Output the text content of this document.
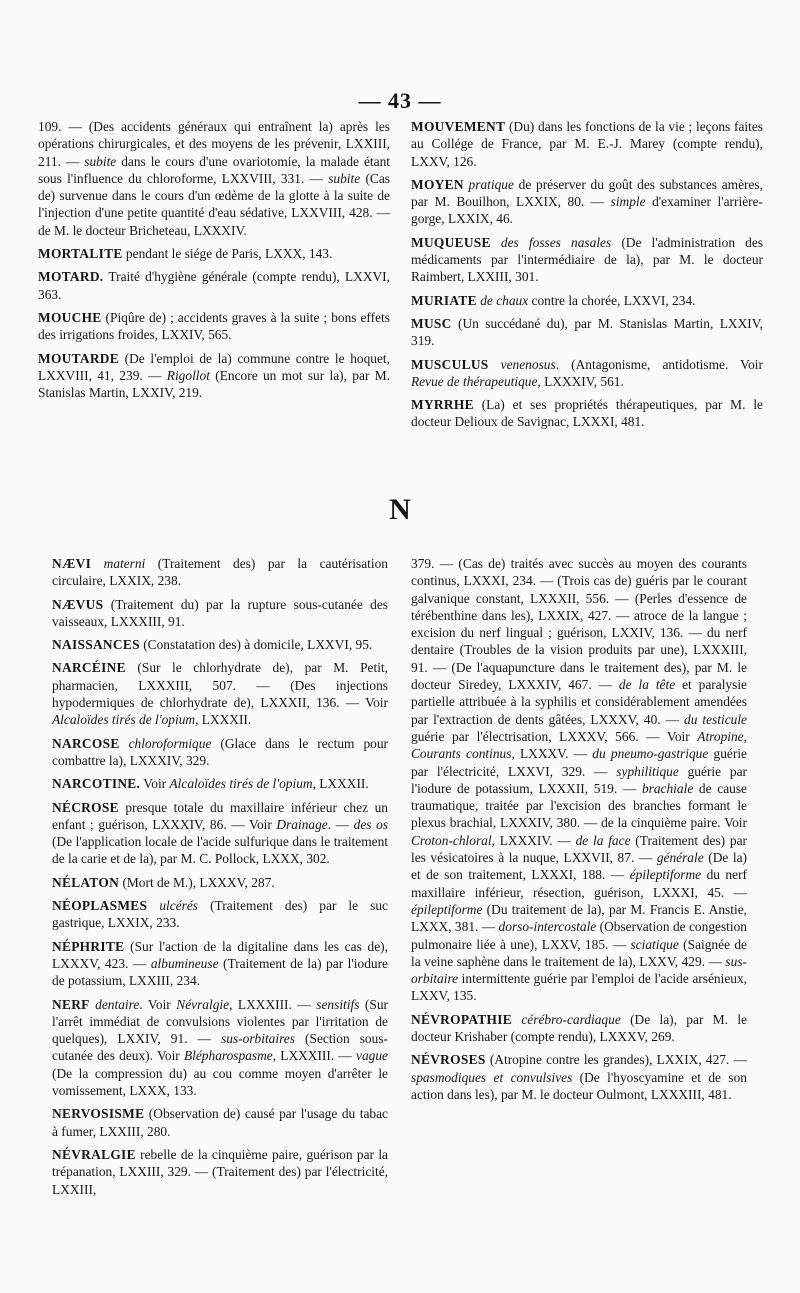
— 43 —
109. — (Des accidents généraux qui entraînent la) après les opérations chirurgicales, et des moyens de les prévenir, LXXIII, 211. — subite dans le cours d'une ovariotomie, la malade étant sous l'influence du chloroforme, LXXVIII, 331. — subite (Cas de) survenue dans le cours d'un œdème de la glotte à la suite de l'injection d'une petite quantité d'eau sédative, LXXVIII, 428. — de M. le docteur Bricheteau, LXXXIV.
MORTALITE pendant le siége de Paris, LXXX, 143.
MOTARD. Traité d'hygiène générale (compte rendu), LXXVI, 363.
MOUCHE (Piqûre de) ; accidents graves à la suite ; bons effets des irrigations froides, LXXIV, 565.
MOUTARDE (De l'emploi de la) commune contre le hoquet, LXXVIII, 41, 239. — Rigollot (Encore un mot sur la), par M. Stanislas Martin, LXXIV, 219.
MOUVEMENT (Du) dans les fonctions de la vie ; leçons faites au Collége de France, par M. E.-J. Marey (compte rendu), LXXV, 126.
MOYEN pratique de préserver du goût des substances amères, par M. Bouilhon, LXXIX, 80. — simple d'examiner l'arrière-gorge, LXXIX, 46.
MUQUEUSE des fosses nasales (De l'administration des médicaments par l'intermédiaire de la), par M. le docteur Raimbert, LXXIII, 301.
MURIATE de chaux contre la chorée, LXXVI, 234.
MUSC (Un succédané du), par M. Stanislas Martin, LXXIV, 319.
MUSCULUS venenosus. (Antagonisme, antidotisme. Voir Revue de thérapeutique, LXXXIV, 561.
MYRRHE (La) et ses propriétés thérapeutiques, par M. le docteur Delioux de Savignac, LXXXI, 481.
N
NÆVI materni (Traitement des) par la cautérisation circulaire, LXXIX, 238.
NÆVUS (Traitement du) par la rupture sous-cutanée des vaisseaux, LXXXIII, 91.
NAISSANCES (Constatation des) à domicile, LXXVI, 95.
NARCÉINE (Sur le chlorhydrate de), par M. Petit, pharmacien, LXXXIII, 507. — (Des injections hypodermiques de chlorhydrate de), LXXXII, 136. — Voir Alcaloïdes tirés de l'opium, LXXXII.
NARCOSE chloroformique (Glace dans le rectum pour combattre la), LXXXIV, 329.
NARCOTINE. Voir Alcaloïdes tirés de l'opium, LXXXII.
NÉCROSE presque totale du maxillaire inférieur chez un enfant ; guérison, LXXXIV, 86. — Voir Drainage. — des os (De l'application locale de l'acide sulfurique dans le traitement de la carie et de la), par M. C. Pollock, LXXX, 302.
NÉLATON (Mort de M.), LXXXV, 287.
NÉOPLASMES ulcérés (Traitement des) par le suc gastrique, LXXIX, 233.
NÉPHRITE (Sur l'action de la digitaline dans les cas de), LXXXV, 423. — albumineuse (Traitement de la) par l'iodure de potassium, LXXIII, 234.
NERF dentaire. Voir Névralgie, LXXXIII. — sensitifs (Sur l'arrêt immédiat de convulsions violentes par l'irritation de quelques), LXXIV, 91. — sus-orbitaires (Section sous-cutanée des deux). Voir Blépharospasme, LXXXIII. — vague (De la compression du) au cou comme moyen d'arrêter le vomissement, LXXX, 133.
NERVOSISME (Observation de) causé par l'usage du tabac à fumer, LXXIII, 280.
NÉVRALGIE rebelle de la cinquième paire, guérison par la trépanation, LXXIII, 329. — (Traitement des) par l'électricité, LXXIII,
379. — (Cas de) traités avec succès au moyen des courants continus, LXXXI, 234. — (Trois cas de) guéris par le courant galvanique constant, LXXXII, 556. — (Perles d'essence de térébenthine dans les), LXXIX, 427. — atroce de la langue ; excision du nerf lingual ; guérison, LXXIV, 136. — du nerf dentaire (Troubles de la vision produits par une), LXXXIII, 91. — (De l'aquapuncture dans le traitement des), par M. le docteur Siredey, LXXXIV, 467. — de la tête et paralysie partielle attribuée à la syphilis et considérablement amendées par l'extraction de dents gâtées, LXXXV, 40. — du testicule guérie par l'électrisation, LXXXV, 566. — Voir Atropine, Courants continus, LXXXV. — du pneumo-gastrique guérie par l'électricité, LXXVI, 329. — syphilitique guérie par l'iodure de potassium, LXXXII, 519. — brachiale de cause traumatique, traitée par l'excision des branches formant le plexus brachial, LXXXIV, 380. — de la cinquième paire. Voir Croton-chloral, LXXXIV. — de la face (Traitement des) par les vésicatoires à la nuque, LXXVII, 87. — générale (De la) et de son traitement, LXXXI, 188. — épileptiforme du nerf maxillaire inférieur, résection, guérison, LXXXI, 45. — épileptiforme (Du traitement de la), par M. Francis E. Anstie, LXXX, 381. — dorso-intercostale (Observation de congestion pulmonaire liée à une), LXXV, 185. — sciatique (Saignée de la veine saphène dans le traitement de la), LXXV, 429. — sus-orbitaire intermittente guérie par l'emploi de l'acide arsénieux, LXXV, 135.
NÉVROPATHIE cérébro-cardiaque (De la), par M. le docteur Krishaber (compte rendu), LXXXV, 269.
NÉVROSES (Atropine contre les grandes), LXXIX, 427. — spasmodiques et convulsives (De l'hyoscyamine et de son action dans les), par M. le docteur Oulmont, LXXXIII, 481.
